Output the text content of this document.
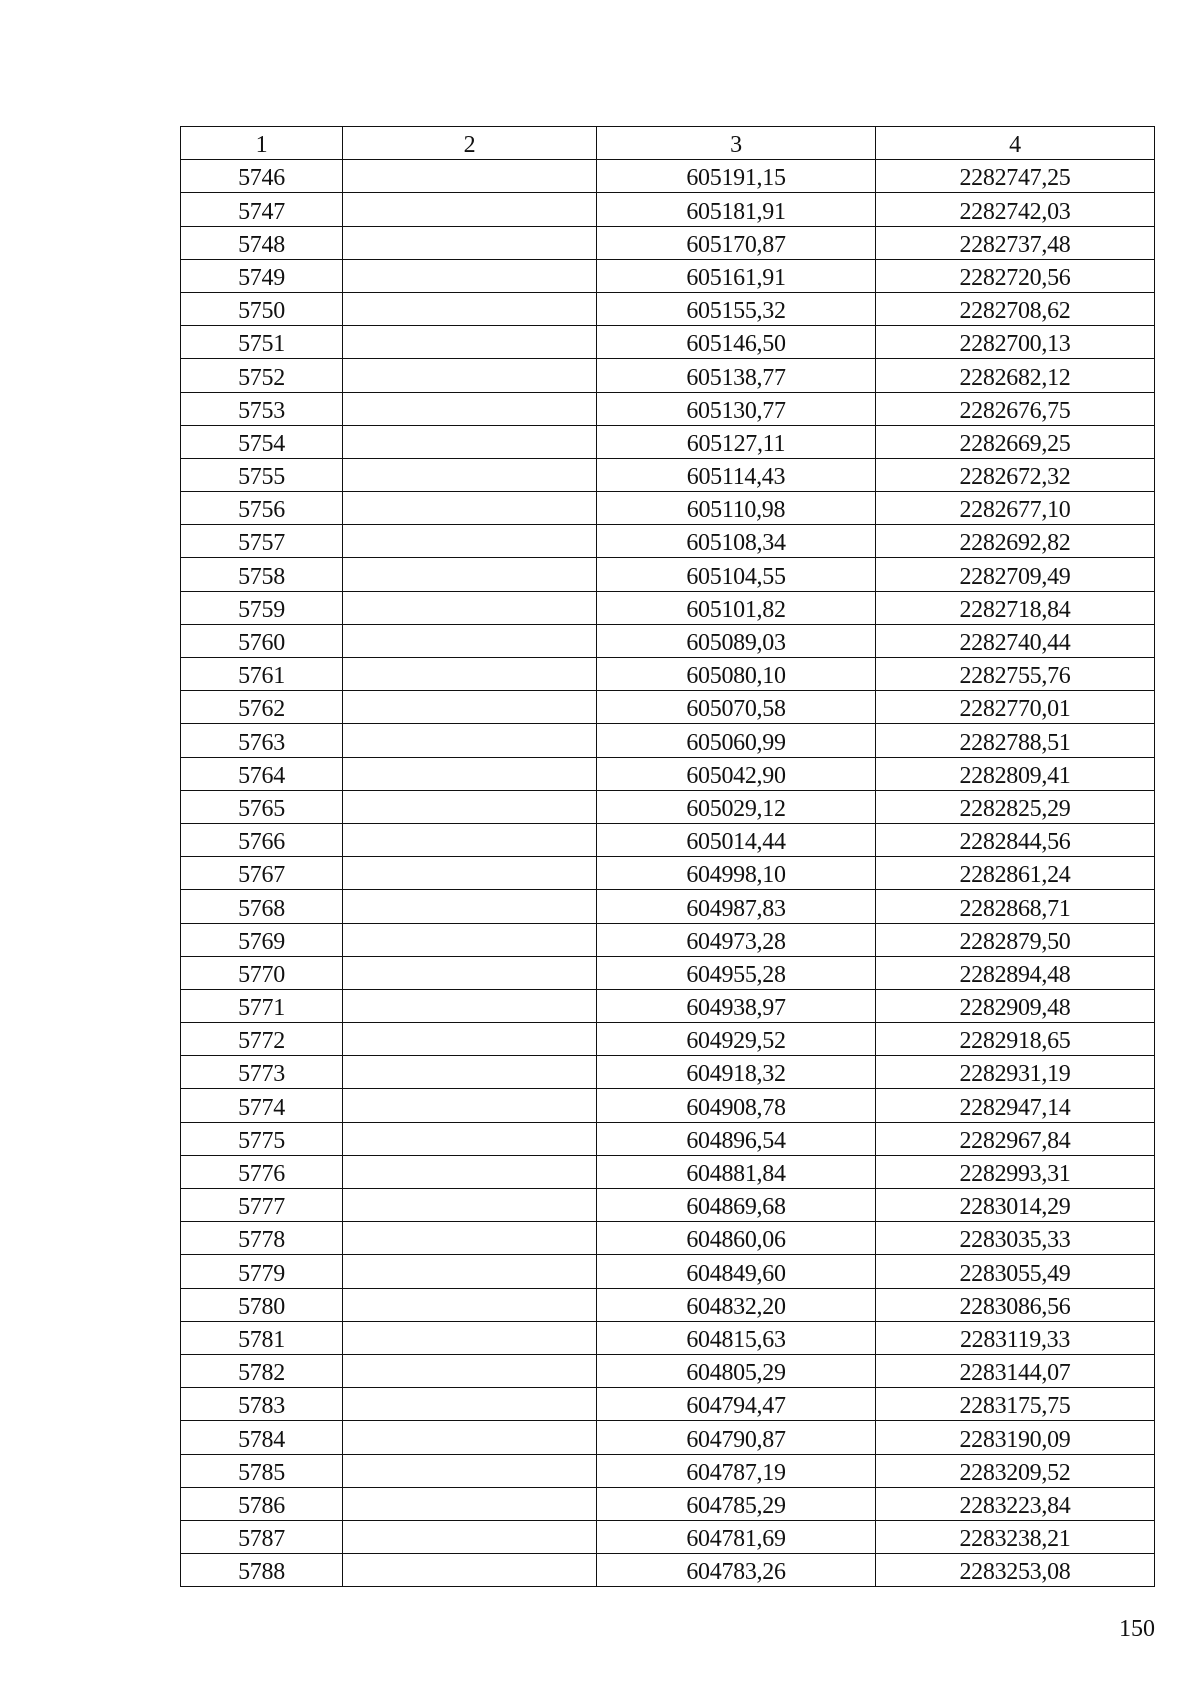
1	2	3	4
5746		605191,15	2282747,25
5747		605181,91	2282742,03
5748		605170,87	2282737,48
5749		605161,91	2282720,56
5750		605155,32	2282708,62
5751		605146,50	2282700,13
5752		605138,77	2282682,12
5753		605130,77	2282676,75
5754		605127,11	2282669,25
5755		605114,43	2282672,32
5756		605110,98	2282677,10
5757		605108,34	2282692,82
5758		605104,55	2282709,49
5759		605101,82	2282718,84
5760		605089,03	2282740,44
5761		605080,10	2282755,76
5762		605070,58	2282770,01
5763		605060,99	2282788,51
5764		605042,90	2282809,41
5765		605029,12	2282825,29
5766		605014,44	2282844,56
5767		604998,10	2282861,24
5768		604987,83	2282868,71
5769		604973,28	2282879,50
5770		604955,28	2282894,48
5771		604938,97	2282909,48
5772		604929,52	2282918,65
5773		604918,32	2282931,19
5774		604908,78	2282947,14
5775		604896,54	2282967,84
5776		604881,84	2282993,31
5777		604869,68	2283014,29
5778		604860,06	2283035,33
5779		604849,60	2283055,49
5780		604832,20	2283086,56
5781		604815,63	2283119,33
5782		604805,29	2283144,07
5783		604794,47	2283175,75
5784		604790,87	2283190,09
5785		604787,19	2283209,52
5786		604785,29	2283223,84
5787		604781,69	2283238,21
5788		604783,26	2283253,08
150
